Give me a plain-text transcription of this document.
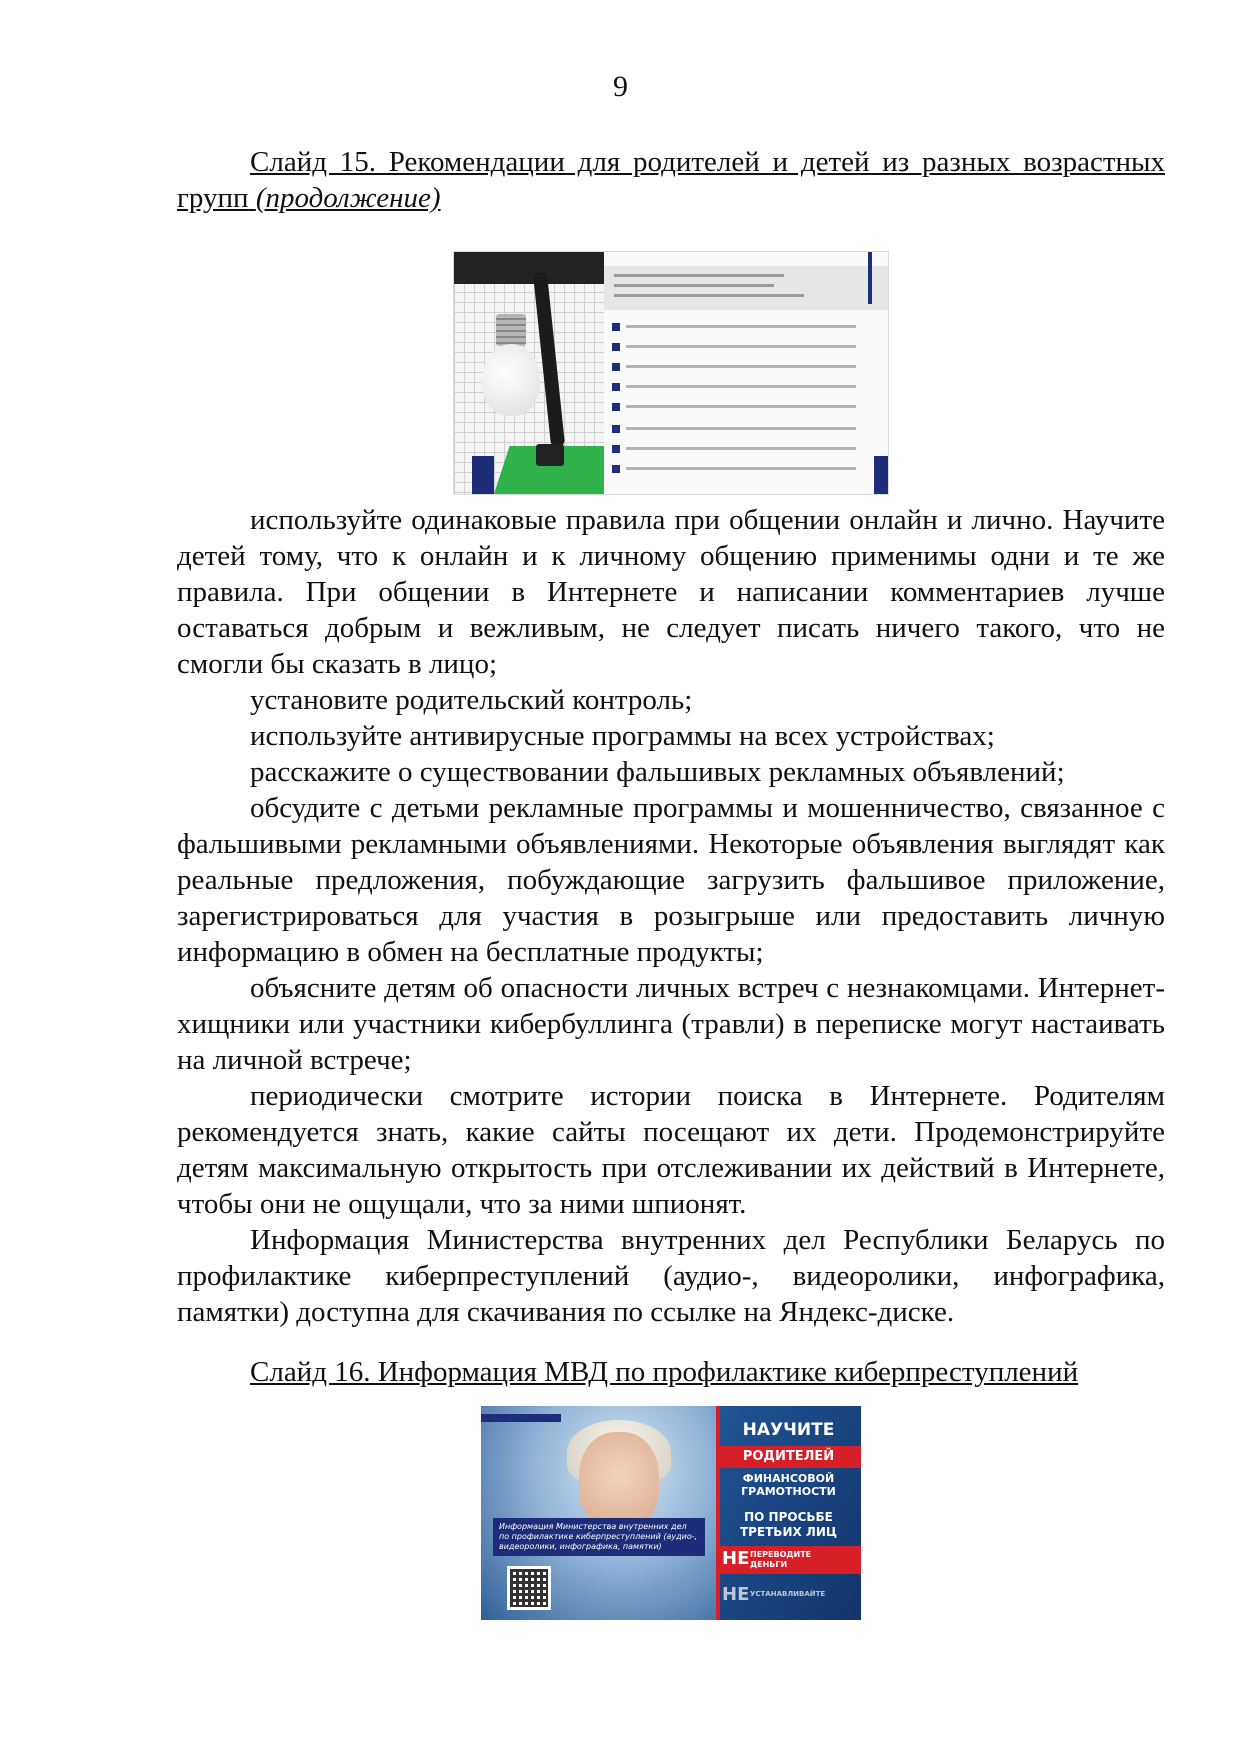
9
Слайд 15. Рекомендации для родителей и детей из разных возрастных групп (продолжение)

используйте одинаковые правила при общении онлайн и лично. Научите детей тому, что к онлайн и к личному общению применимы одни и те же правила. При общении в Интернете и написании комментариев лучше оставаться добрым и вежливым, не следует писать ничего такого, что не смогли бы сказать в лицо;

установите родительский контроль;

используйте антивирусные программы на всех устройствах;

расскажите о существовании фальшивых рекламных объявлений;

обсудите с детьми рекламные программы и мошенничество, связанное с фальшивыми рекламными объявлениями. Некоторые объявления выглядят как реальные предложения, побуждающие загрузить фальшивое приложение, зарегистрироваться для участия в розыгрыше или предоставить личную информацию в обмен на бесплатные продукты;

объясните детям об опасности личных встреч с незнакомцами. Интернет-хищники или участники кибербуллинга (травли) в переписке могут настаивать на личной встрече;

периодически смотрите истории поиска в Интернете. Родителям рекомендуется знать, какие сайты посещают их дети. Продемонстрируйте детям максимальную открытость при отслеживании их действий в Интернете, чтобы они не ощущали, что за ними шпионят.

Информация Министерства внутренних дел Республики Беларусь по профилактике киберпреступлений (аудио-, видеоролики, инфографика, памятки) доступна для скачивания по ссылке на Яндекс-диске.

Слайд 16. Информация МВД по профилактике киберпреступлений
Информация Министерства внутренних дел по профилактике киберпреступлений (аудио-, видеоролики, инфографика, памятки)
НАУЧИТЕ
РОДИТЕЛЕЙ
ФИНАНСОВОЙ ГРАМОТНОСТИ
ПО ПРОСЬБЕ ТРЕТЬИХ ЛИЦ
НЕ ПЕРЕВОДИТЕ ДЕНЬГИ
НЕ УСТАНАВЛИВАЙТЕ
